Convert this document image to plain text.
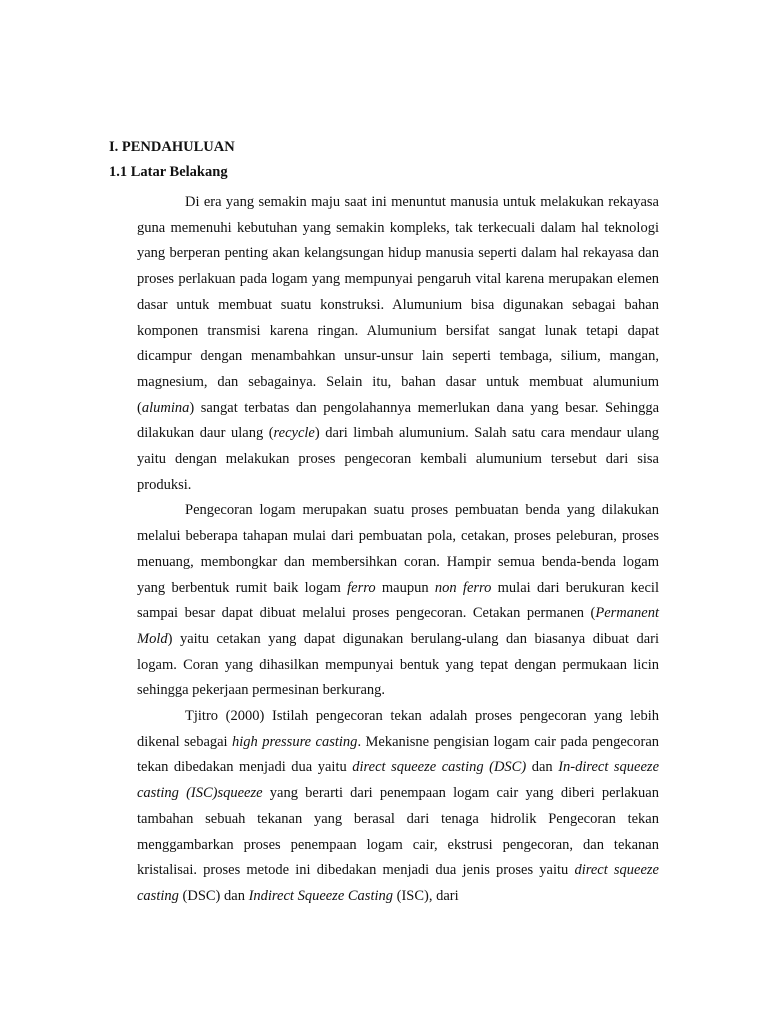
I. PENDAHULUAN
1.1 Latar Belakang

Di era yang semakin maju saat ini menuntut manusia untuk melakukan rekayasa guna memenuhi kebutuhan yang semakin kompleks, tak terkecuali dalam hal teknologi yang berperan penting akan kelangsungan hidup manusia seperti dalam hal rekayasa dan proses perlakuan pada logam yang mempunyai pengaruh vital karena merupakan elemen dasar untuk membuat suatu konstruksi. Alumunium bisa digunakan sebagai bahan komponen transmisi karena ringan. Alumunium bersifat sangat lunak tetapi dapat dicampur dengan menambahkan unsur-unsur lain seperti tembaga, silium, mangan, magnesium, dan sebagainya. Selain itu, bahan dasar untuk membuat alumunium (alumina) sangat terbatas dan pengolahannya memerlukan dana yang besar. Sehingga dilakukan daur ulang (recycle) dari limbah alumunium. Salah satu cara mendaur ulang yaitu dengan melakukan proses pengecoran kembali alumunium tersebut dari sisa produksi.

Pengecoran logam merupakan suatu proses pembuatan benda yang dilakukan melalui beberapa tahapan mulai dari pembuatan pola, cetakan, proses peleburan, proses menuang, membongkar dan membersihkan coran. Hampir semua benda-benda logam yang berbentuk rumit baik logam ferro maupun non ferro mulai dari berukuran kecil sampai besar dapat dibuat melalui proses pengecoran. Cetakan permanen (Permanent Mold) yaitu cetakan yang dapat digunakan berulang-ulang dan biasanya dibuat dari logam. Coran yang dihasilkan mempunyai bentuk yang tepat dengan permukaan licin sehingga pekerjaan permesinan berkurang.

Tjitro (2000) Istilah pengecoran tekan adalah proses pengecoran yang lebih dikenal sebagai high pressure casting. Mekanisne pengisian logam cair pada pengecoran tekan dibedakan menjadi dua yaitu direct squeeze casting (DSC) dan In-direct squeeze casting (ISC)squeeze yang berarti dari penempaan logam cair yang diberi perlakuan tambahan sebuah tekanan yang berasal dari tenaga hidrolik Pengecoran tekan menggambarkan proses penempaan logam cair, ekstrusi pengecoran, dan tekanan kristalisai. proses metode ini dibedakan menjadi dua jenis proses yaitu direct squeeze casting (DSC) dan Indirect Squeeze Casting (ISC), dari
